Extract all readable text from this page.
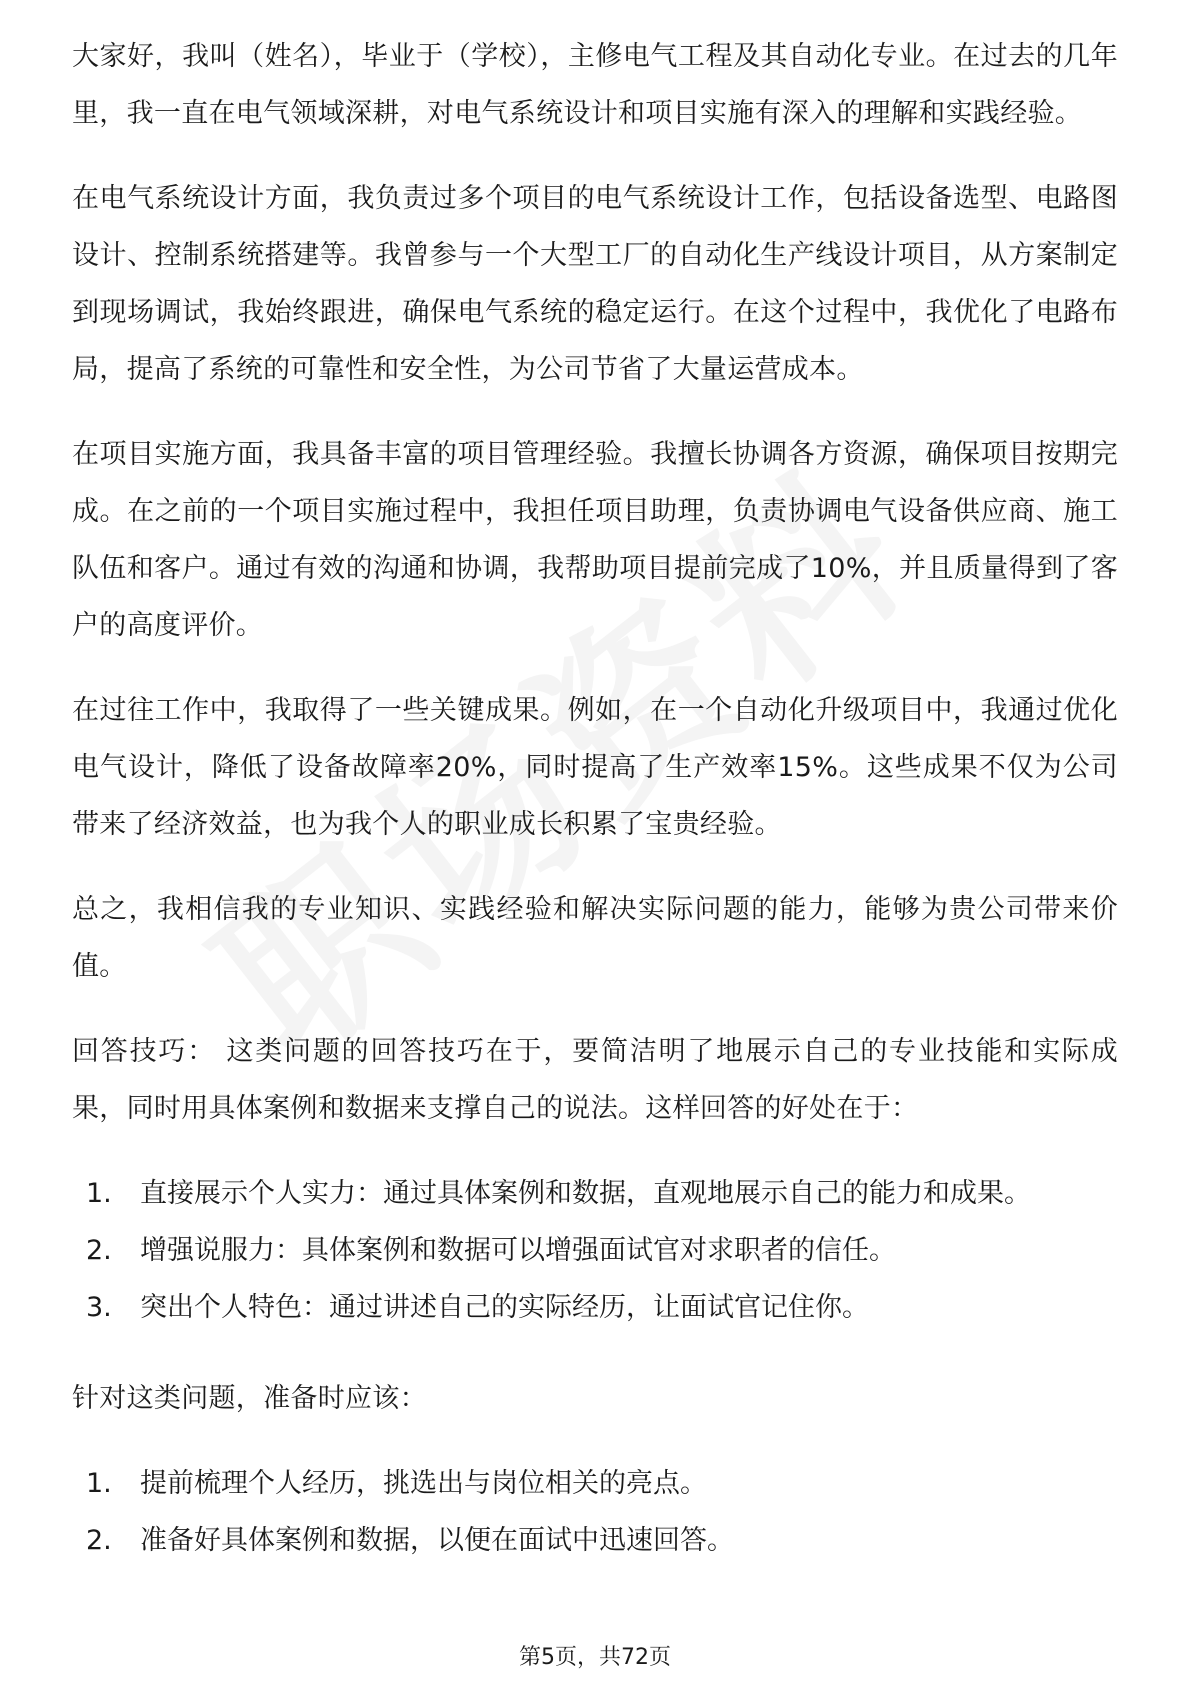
大家好，我叫（姓名），毕业于（学校），主修电气工程及其自动化专业。在过去的几年里，我一直在电气领域深耕，对电气系统设计和项目实施有深入的理解和实践经验。

在电气系统设计方面，我负责过多个项目的电气系统设计工作，包括设备选型、电路图设计、控制系统搭建等。我曾参与一个大型工厂的自动化生产线设计项目，从方案制定到现场调试，我始终跟进，确保电气系统的稳定运行。在这个过程中，我优化了电路布局，提高了系统的可靠性和安全性，为公司节省了大量运营成本。

在项目实施方面，我具备丰富的项目管理经验。我擅长协调各方资源，确保项目按期完成。在之前的一个项目实施过程中，我担任项目助理，负责协调电气设备供应商、施工队伍和客户。通过有效的沟通和协调，我帮助项目提前完成了10%，并且质量得到了客户的高度评价。

在过往工作中，我取得了一些关键成果。例如，在一个自动化升级项目中，我通过优化电气设计，降低了设备故障率20%，同时提高了生产效率15%。这些成果不仅为公司带来了经济效益，也为我个人的职业成长积累了宝贵经验。

总之，我相信我的专业知识、实践经验和解决实际问题的能力，能够为贵公司带来价值。

回答技巧： 这类问题的回答技巧在于，要简洁明了地展示自己的专业技能和实际成果，同时用具体案例和数据来支撑自己的说法。这样回答的好处在于：

1. 直接展示个人实力：通过具体案例和数据，直观地展示自己的能力和成果。
2. 增强说服力：具体案例和数据可以增强面试官对求职者的信任。
3. 突出个人特色：通过讲述自己的实际经历，让面试官记住你。

针对这类问题，准备时应该：

1. 提前梳理个人经历，挑选出与岗位相关的亮点。
2. 准备好具体案例和数据，以便在面试中迅速回答。
第5页，共72页
